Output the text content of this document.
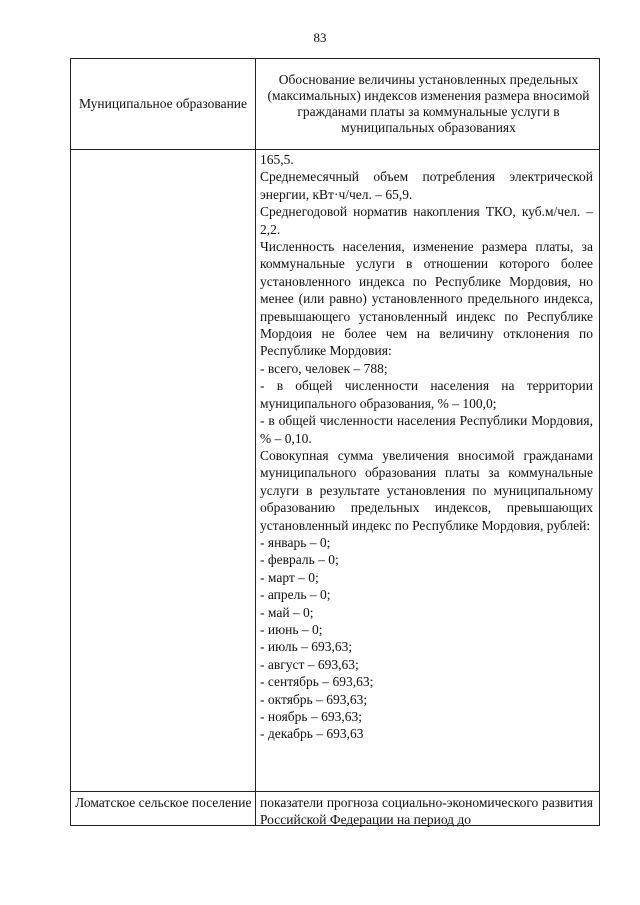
83
Муниципальное образование
Обоснование величины установленных предельных (максимальных) индексов изменения размера вносимой гражданами платы за коммунальные услуги в муниципальных образованиях

165,5.

Среднемесячный объем потребления электрической энергии, кВт·ч/чел. – 65,9.

Среднегодовой норматив накопления ТКО, куб.м/чел. – 2,2.

Численность населения, изменение размера платы, за коммунальные услуги в отношении которого более установленного индекса по Республике Мордовия, но менее (или равно) установленного предельного индекса, превышающего установленный индекс по Республике Мордоия не более чем на величину отклонения по Республике Мордовия:

- всего, человек – 788;

- в общей численности населения на территории муниципального образования, % – 100,0;

- в общей численности населения Республики Мордовия, % – 0,10.

Совокупная сумма увеличения вносимой гражданами муниципального образования платы за коммунальные услуги в результате установления по муниципальному образованию предельных индексов, превышающих установленный индекс по Республике Мордовия, рублей:

- январь – 0;
- февраль – 0;
- март – 0;
- апрель – 0;
- май – 0;
- июнь – 0;
- июль – 693,63;
- август – 693,63;
- сентябрь – 693,63;
- октябрь – 693,63;
- ноябрь – 693,63;
- декабрь – 693,63
Ломатское сельское поселение показатели прогноза социально-экономического развития Российской Федерации на период до
